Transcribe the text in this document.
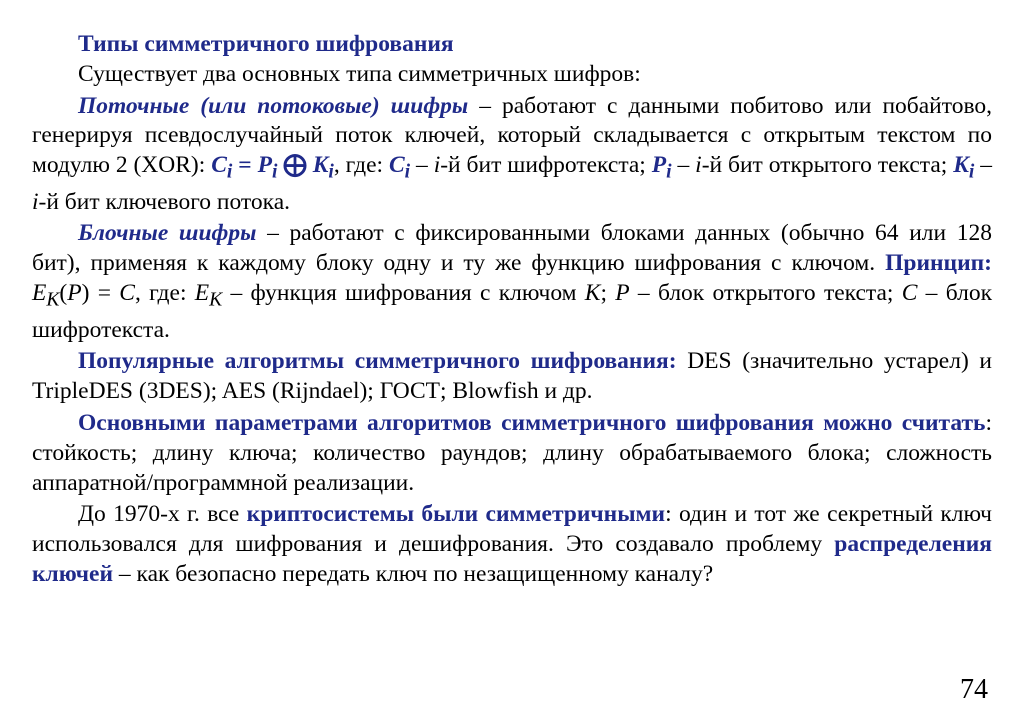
Типы симметричного шифрования

Существует два основных типа симметричных шифров:

Поточные (или потоковые) шифры – работают с данными побитово или побайтово, генерируя псевдослучайный поток ключей, который складывается с открытым текстом по модулю 2 (XOR): $C_i = P_i$ ⨁ $K_i$, где: $C_i - i-й$ бит шифротекста; $P_i - i-й$ бит открытого текста; $K_i - i-й$ бит ключевого потока.

Блочные шифры – работают с фиксированными блоками данных (обычно 64 или 128 бит), применяя к каждому блоку одну и ту же функцию шифрования с ключом. Принцип: $E_K(P) = C$, где: $E_K$ – функция шифрования с ключом K; P – блок открытого текста; C – блок шифротекста.

Популярные алгоритмы симметричного шифрования: DES (значительно устарел) и TripleDES (3DES); AES (Rijndael); ГОСТ; Blowfish и др.

Основными параметрами алгоритмов симметричного шифрования можно считать: стойкость; длину ключа; количество раундов; длину обрабатываемого блока; сложность аппаратной/программной реализации.

До 1970-х г. все криптосистемы были симметричными: один и тот же секретный ключ использовался для шифрования и дешифрования. Это создавало проблему распределения ключей – как безопасно передать ключ по незащищенному каналу?

74
